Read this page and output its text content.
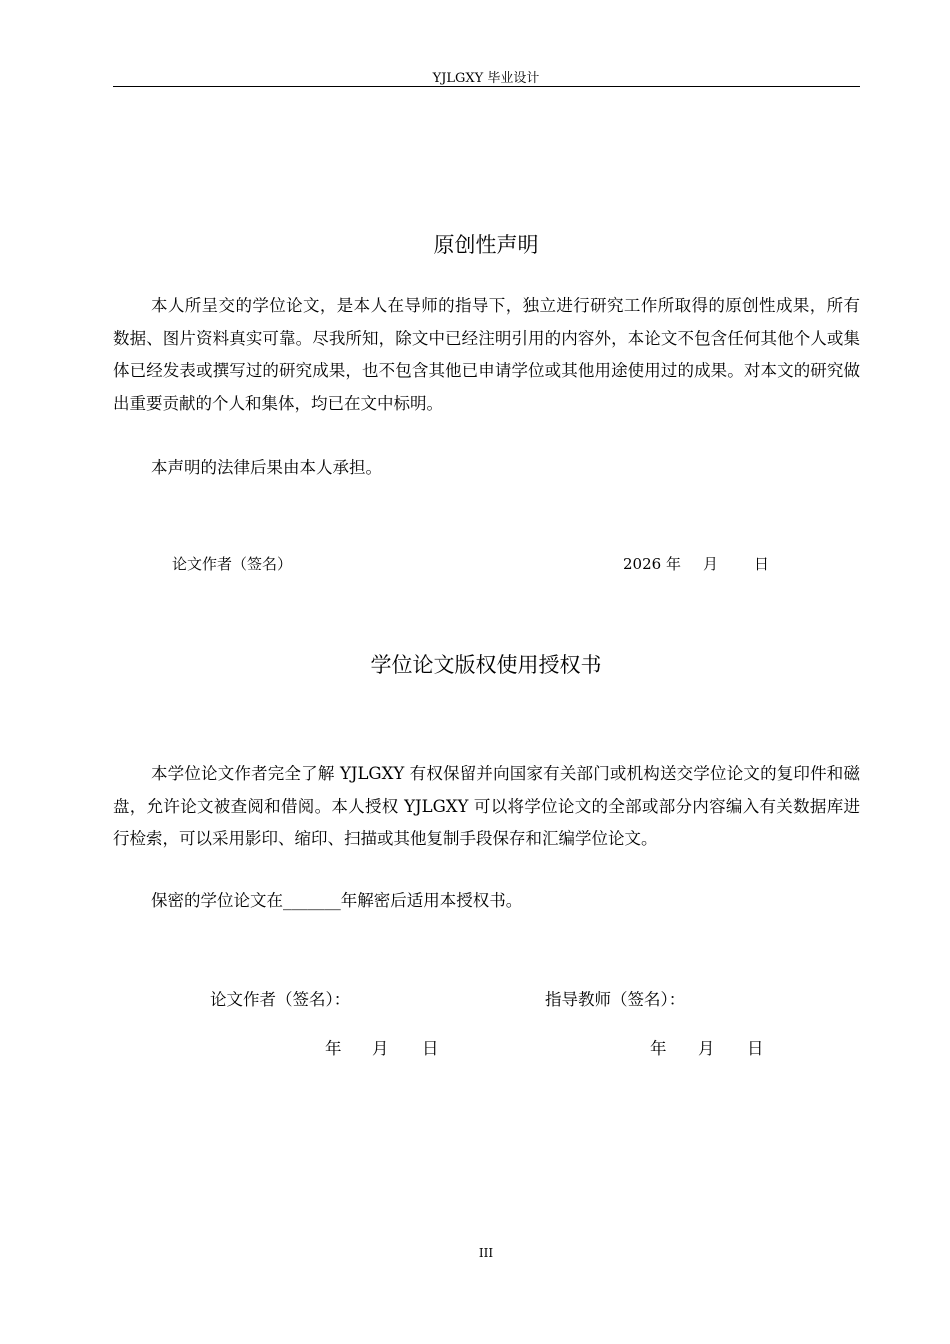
YJLGXY 毕业设计
原创性声明

本人所呈交的学位论文，是本人在导师的指导下，独立进行研究工作所取得的原创性成果，所有数据、图片资料真实可靠。尽我所知，除文中已经注明引用的内容外，本论文不包含任何其他个人或集体已经发表或撰写过的研究成果，也不包含其他已申请学位或其他用途使用过的成果。对本文的研究做出重要贡献的个人和集体，均已在文中标明。

本声明的法律后果由本人承担。

论文作者（签名）	2026 年 月 日
学位论文版权使用授权书

本学位论文作者完全了解 YJLGXY 有权保留并向国家有关部门或机构送交学位论文的复印件和磁盘，允许论文被查阅和借阅。本人授权 YJLGXY 可以将学位论文的全部或部分内容编入有关数据库进行检索，可以采用影印、缩印、扫描或其他复制手段保存和汇编学位论文。

保密的学位论文在_______年解密后适用本授权书。

论文作者（签名）：	指导教师（签名）：
年 月 日	年 月 日
III
